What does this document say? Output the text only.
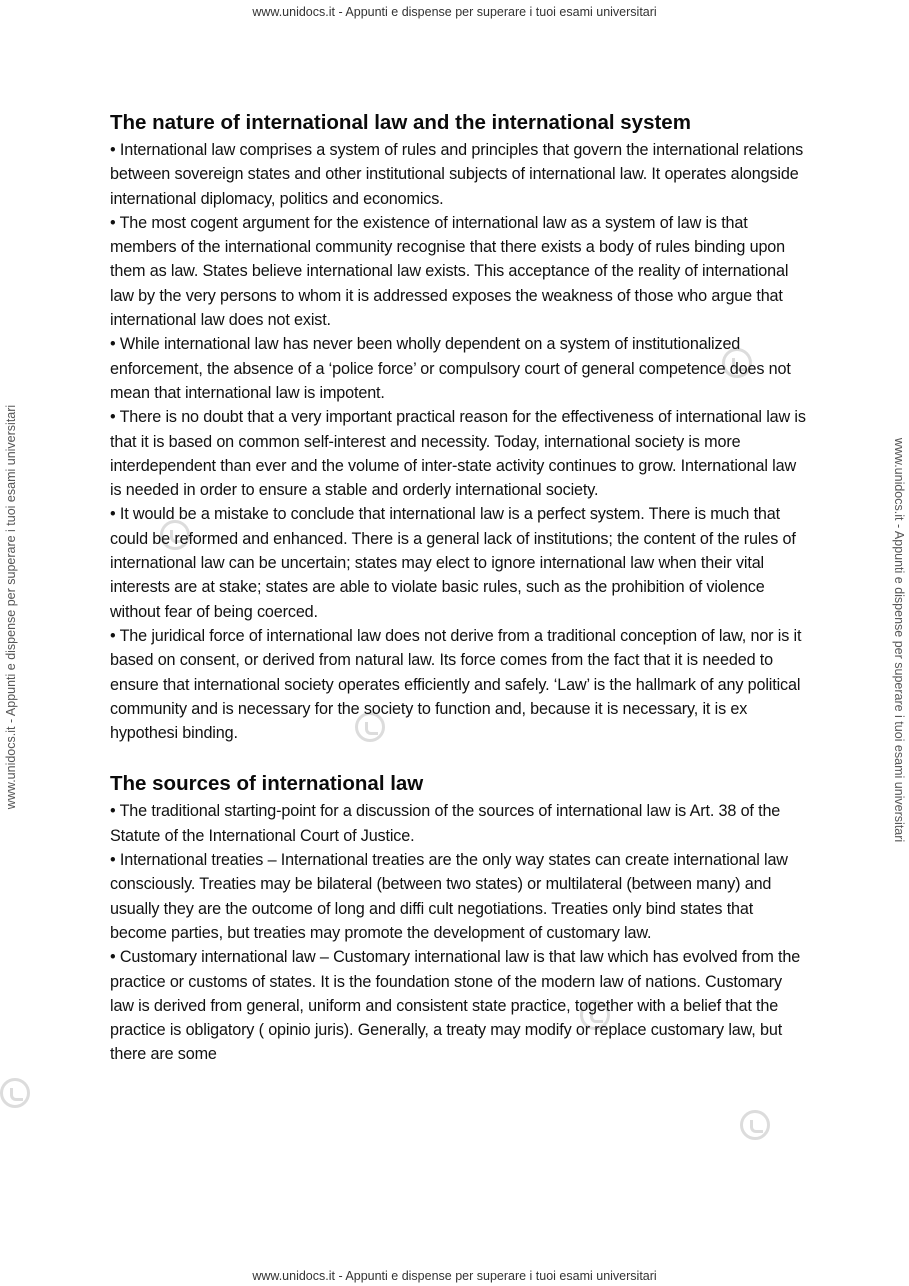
www.unidocs.it - Appunti e dispense per superare i tuoi esami universitari
www.unidocs.it - Appunti e dispense per superare i tuoi esami universitari
www.unidocs.it - Appunti e dispense per superare i tuoi esami universitari	www.unidocs.it - Appunti e dispense per superare i tuoi esami universitari
The nature of international law and the international system

• International law comprises a system of rules and principles that govern the international relations between sovereign states and other institutional subjects of international law. It operates alongside international diplomacy, politics and economics.

• The most cogent argument for the existence of international law as a system of law is that members of the international community recognise that there exists a body of rules binding upon them as law. States believe international law exists. This acceptance of the reality of international law by the very persons to whom it is addressed exposes the weakness of those who argue that international law does not exist.

• While international law has never been wholly dependent on a system of institutionalized enforcement, the absence of a ‘police force’ or compulsory court of general competence does not mean that international law is impotent.

• There is no doubt that a very important practical reason for the effectiveness of international law is that it is based on common self-interest and necessity. Today, international society is more interdependent than ever and the volume of inter-state activity continues to grow. International law is needed in order to ensure a stable and orderly international society.

• It would be a mistake to conclude that international law is a perfect system. There is much that could be reformed and enhanced. There is a general lack of institutions; the content of the rules of international law can be uncertain; states may elect to ignore international law when their vital interests are at stake; states are able to violate basic rules, such as the prohibition of violence without fear of being coerced.

• The juridical force of international law does not derive from a traditional conception of law, nor is it based on consent, or derived from natural law. Its force comes from the fact that it is needed to ensure that international society operates efficiently and safely. ‘Law’ is the hallmark of any political community and is necessary for the society to function and, because it is necessary, it is ex hypothesi binding.

The sources of international law

• The traditional starting-point for a discussion of the sources of international law is Art. 38 of the Statute of the International Court of Justice.

• International treaties – International treaties are the only way states can create international law consciously. Treaties may be bilateral (between two states) or multilateral (between many) and usually they are the outcome of long and diffi cult negotiations. Treaties only bind states that become parties, but treaties may promote the development of customary law.

• Customary international law – Customary international law is that law which has evolved from the practice or customs of states. It is the foundation stone of the modern law of nations. Customary law is derived from general, uniform and consistent state practice, together with a belief that the practice is obligatory ( opinio juris). Generally, a treaty may modify or replace customary law, but there are some
